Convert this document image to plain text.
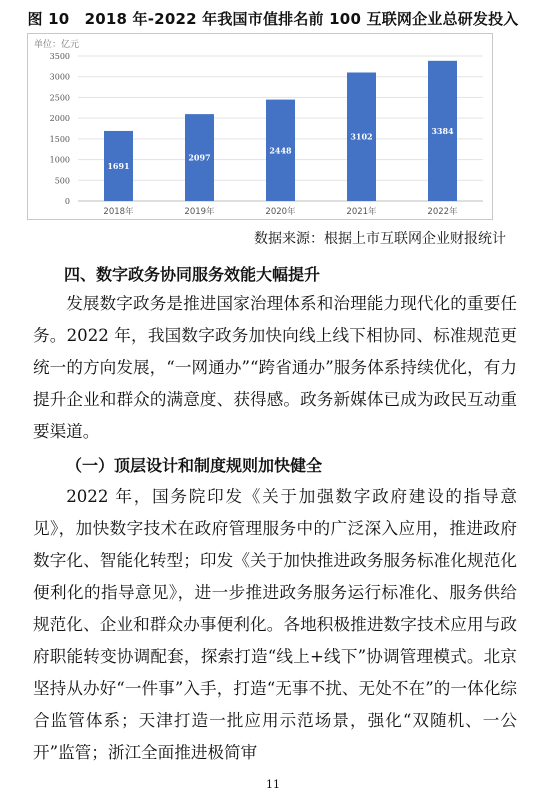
图 10　2018 年-2022 年我国市值排名前 100 互联网企业总研发投入
单位：亿元
0
500
1000
1500
2000
2500
3000
3500
1691
2018年
2097
2019年
2448
2020年
3102
2021年
3384
2022年
数据来源：根据上市互联网企业财报统计
四、数字政务协同服务效能大幅提升
发展数字政务是推进国家治理体系和治理能力现代化的重要任务。2022 年，我国数字政务加快向线上线下相协同、标准规范更统一的方向发展，“一网通办”“跨省通办”服务体系持续优化，有力提升企业和群众的满意度、获得感。政务新媒体已成为政民互动重要渠道。
（一）顶层设计和制度规则加快健全
2022 年，国务院印发《关于加强数字政府建设的指导意见》，加快数字技术在政府管理服务中的广泛深入应用，推进政府数字化、智能化转型；印发《关于加快推进政务服务标准化规范化便利化的指导意见》，进一步推进政务服务运行标准化、服务供给规范化、企业和群众办事便利化。各地积极推进数字技术应用与政府职能转变协调配套，探索打造“线上+线下”协调管理模式。北京坚持从办好“一件事”入手，打造“无事不扰、无处不在”的一体化综合监管体系；天津打造一批应用示范场景，强化“双随机、一公开”监管；浙江全面推进极简审
11
